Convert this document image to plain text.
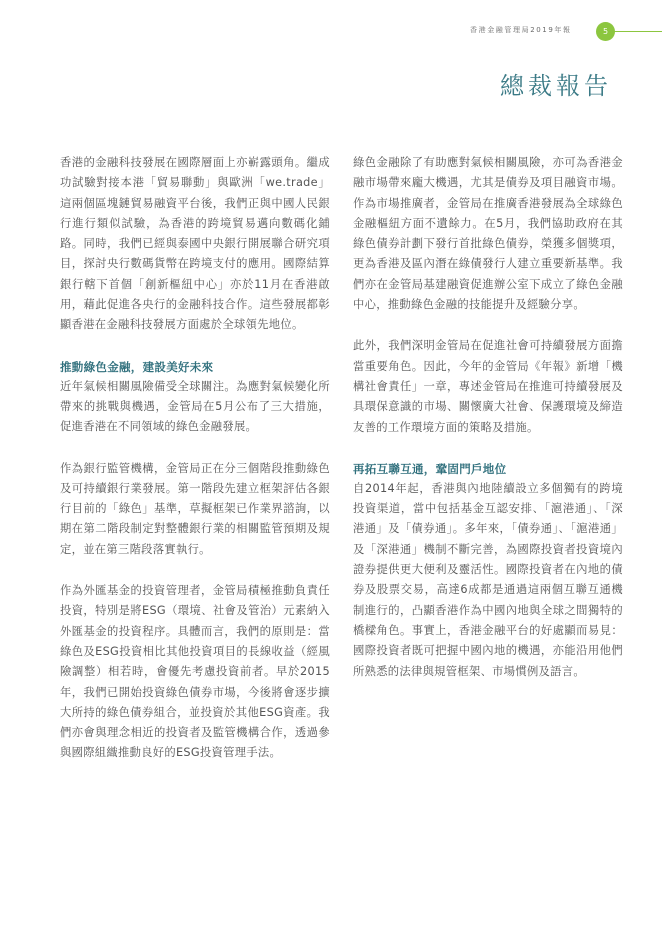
香港金融管理局2019年報	5
總裁報告

香港的金融科技發展在國際層面上亦嶄露頭角。繼成功試驗對接本港「貿易聯動」與歐洲「we.trade」這兩個區塊鏈貿易融資平台後，我們正與中國人民銀行進行類似試驗，為香港的跨境貿易邁向數碼化鋪路。同時，我們已經與泰國中央銀行開展聯合研究項目，探討央行數碼貨幣在跨境支付的應用。國際結算銀行轄下首個「創新樞紐中心」亦於11月在香港啟用，藉此促進各央行的金融科技合作。這些發展都彰顯香港在金融科技發展方面處於全球領先地位。

推動綠色金融，建設美好未來

近年氣候相關風險備受全球關注。為應對氣候變化所帶來的挑戰與機遇，金管局在5月公布了三大措施，促進香港在不同領域的綠色金融發展。

作為銀行監管機構，金管局正在分三個階段推動綠色及可持續銀行業發展。第一階段先建立框架評估各銀行目前的「綠色」基準，草擬框架已作業界諮詢，以期在第二階段制定對整體銀行業的相關監管預期及規定，並在第三階段落實執行。

作為外匯基金的投資管理者，金管局積極推動負責任投資，特別是將ESG（環境、社會及管治）元素納入外匯基金的投資程序。具體而言，我們的原則是：當綠色及ESG投資相比其他投資項目的長線收益（經風險調整）相若時，會優先考慮投資前者。早於2015年，我們已開始投資綠色債券市場，今後將會逐步擴大所持的綠色債券組合，並投資於其他ESG資產。我們亦會與理念相近的投資者及監管機構合作，透過參與國際組織推動良好的ESG投資管理手法。

綠色金融除了有助應對氣候相關風險，亦可為香港金融市場帶來龐大機遇，尤其是債券及項目融資市場。作為市場推廣者，金管局在推廣香港發展為全球綠色金融樞紐方面不遺餘力。在5月，我們協助政府在其綠色債券計劃下發行首批綠色債券，榮獲多個獎項，更為香港及區內潛在綠債發行人建立重要新基準。我們亦在金管局基建融資促進辦公室下成立了綠色金融中心，推動綠色金融的技能提升及經驗分享。

此外，我們深明金管局在促進社會可持續發展方面擔當重要角色。因此，今年的金管局《年報》新增「機構社會責任」一章，專述金管局在推進可持續發展及具環保意識的市場、關懷廣大社會、保護環境及締造友善的工作環境方面的策略及措施。

再拓互聯互通，鞏固門戶地位

自2014年起，香港與內地陸續設立多個獨有的跨境投資渠道，當中包括基金互認安排、「滬港通」、「深港通」及「債券通」。多年來，「債券通」、「滬港通」及「深港通」機制不斷完善，為國際投資者投資境內證券提供更大便利及靈活性。國際投資者在內地的債券及股票交易，高達6成都是通過這兩個互聯互通機制進行的，凸顯香港作為中國內地與全球之間獨特的橋樑角色。事實上，香港金融平台的好處顯而易見：國際投資者既可把握中國內地的機遇，亦能沿用他們所熟悉的法律與規管框架、市場慣例及語言。
